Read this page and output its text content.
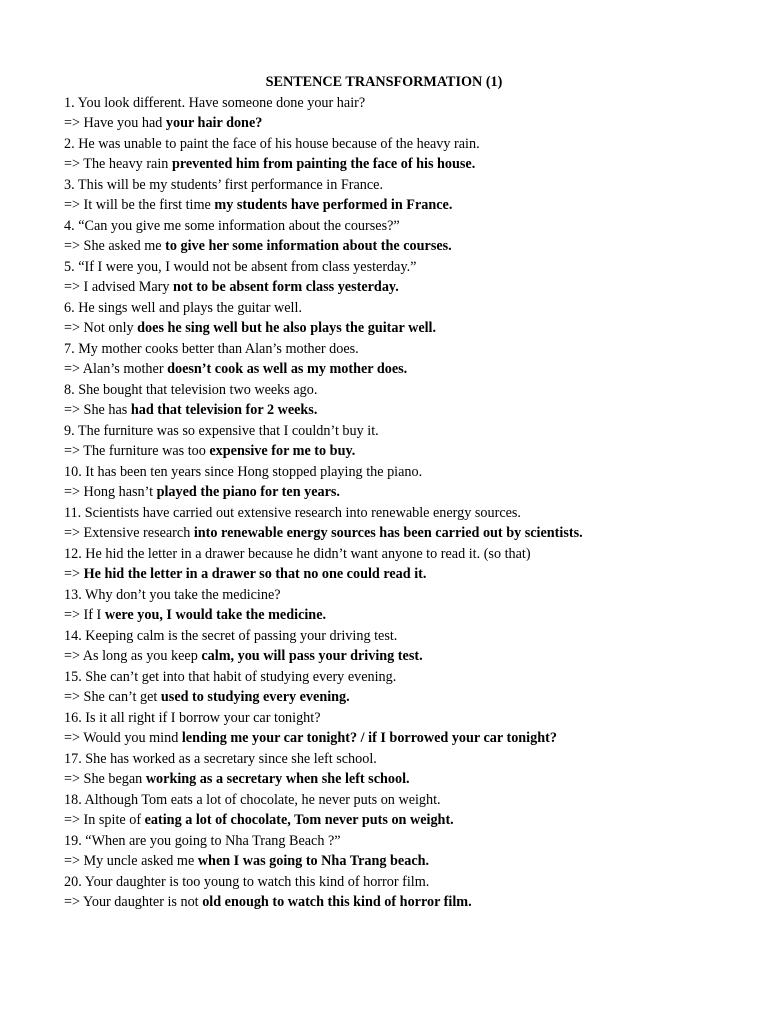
SENTENCE TRANSFORMATION (1)
1. You look different. Have someone done your hair?
=> Have you had your hair done?
2. He was unable to paint the face of his house because of the heavy rain.
=> The heavy rain prevented him from painting the face of his house.
3. This will be my students’ first performance in France.
=> It will be the first time my students have performed in France.
4. “Can you give me some information about the courses?”
=> She asked me to give her some information about the courses.
5. “If I were you, I would not be absent from class yesterday.”
=> I advised Mary not to be absent form class yesterday.
6. He sings well and plays the guitar well.
=> Not only does he sing well but he also plays the guitar well.
7. My mother cooks better than Alan’s mother does.
=> Alan’s mother doesn’t cook as well as my mother does.
8. She bought that television two weeks ago.
=> She has had that television for 2 weeks.
9. The furniture was so expensive that I couldn’t buy it.
=> The furniture was too expensive for me to buy.
10. It has been ten years since Hong stopped playing the piano.
=> Hong hasn’t played the piano for ten years.
11. Scientists have carried out extensive research into renewable energy sources.
=> Extensive research into renewable energy sources has been carried out by scientists.
12. He hid the letter in a drawer because he didn’t want anyone to read it. (so that)
=> He hid the letter in a drawer so that no one could read it.
13. Why don’t you take the medicine?
=> If I were you, I would take the medicine.
14. Keeping calm is the secret of passing your driving test.
=> As long as you keep calm, you will pass your driving test.
15. She can’t get into that habit of studying every evening.
=> She can’t get used to studying every evening.
16. Is it all right if I borrow your car tonight?
=> Would you mind lending me your car tonight? / if I borrowed your car tonight?
17. She has worked as a secretary since she left school.
=> She began working as a secretary when she left school.
18. Although Tom eats a lot of chocolate, he never puts on weight.
=> In spite of eating a lot of chocolate, Tom never puts on weight.
19. “When are you going to Nha Trang Beach ?”
=> My uncle asked me when I was going to Nha Trang beach.
20. Your daughter is too young to watch this kind of horror film.
=> Your daughter is not old enough to watch this kind of horror film.
